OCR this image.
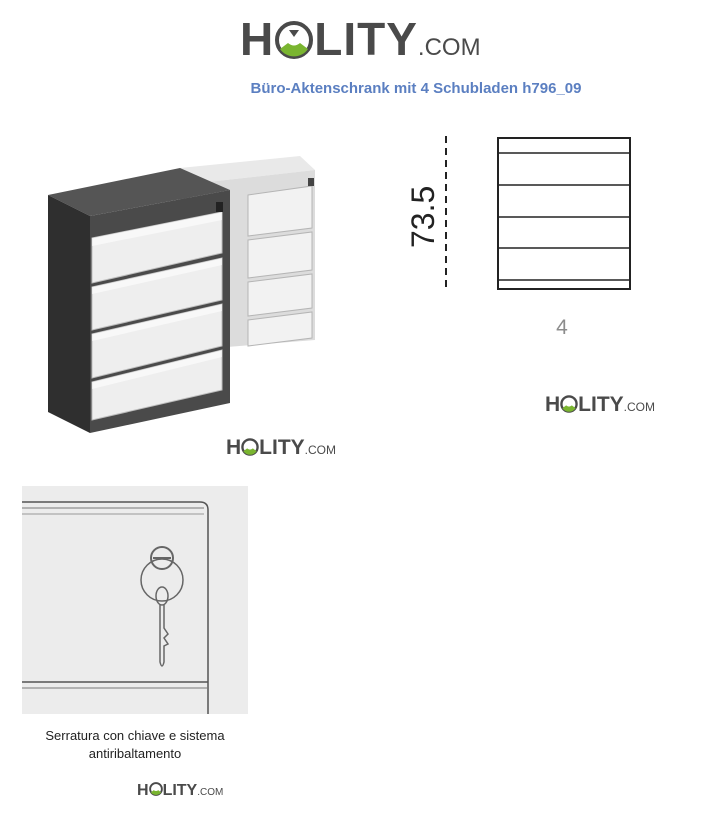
H LITY .COM
Büro-Aktenschrank mit 4 Schubladen h796_09
H LITY .COM
73.5
4
H LITY .COM
Serratura con chiave e sistema
antiribaltamento
H LITY .COM
